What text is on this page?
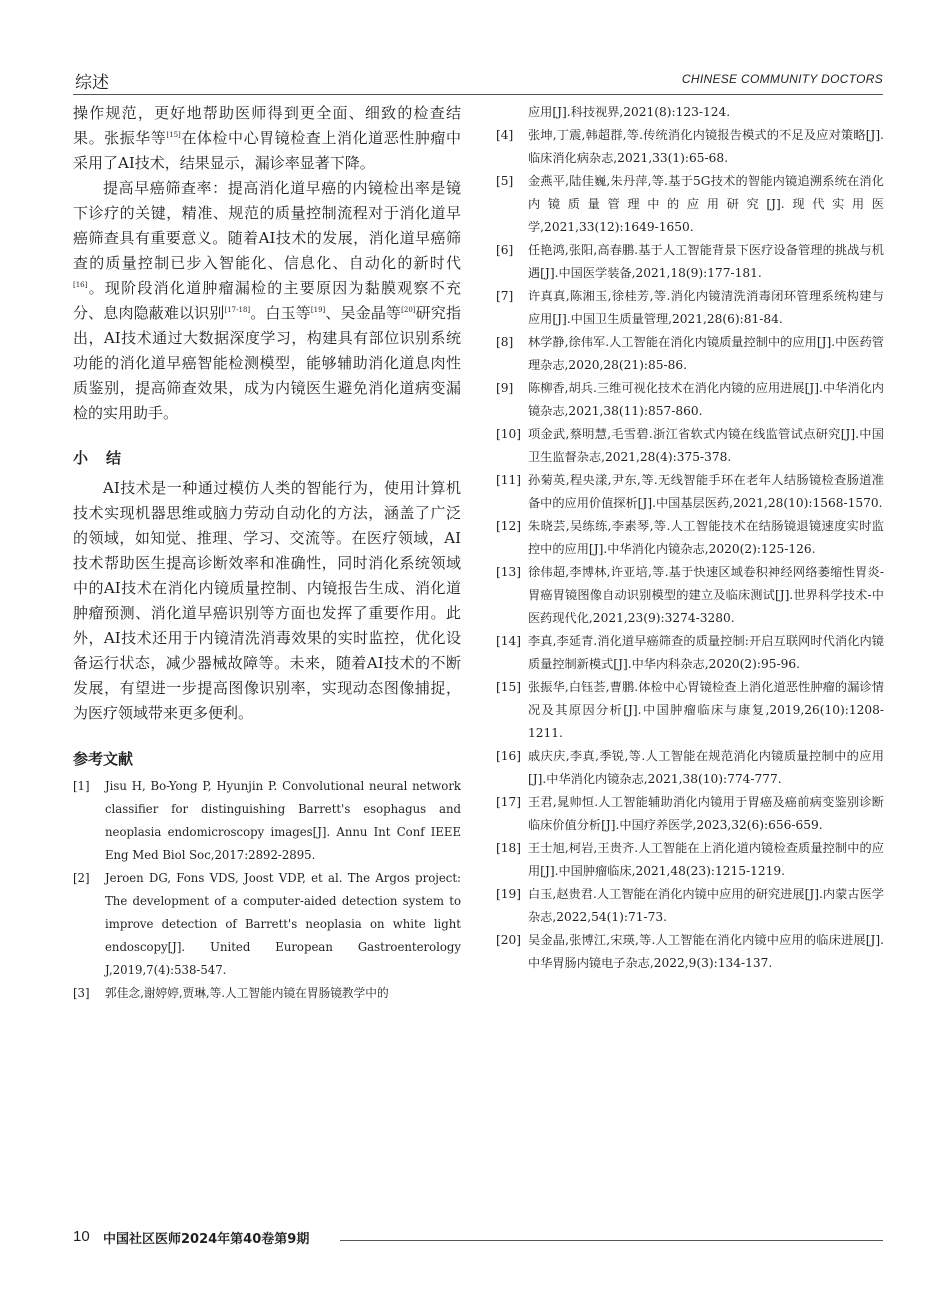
综述	CHINESE COMMUNITY DOCTORS

操作规范，更好地帮助医师得到更全面、细致的检查结果。张振华等[15]在体检中心胃镜检查上消化道恶性肿瘤中采用了AI技术，结果显示，漏诊率显著下降。

提高早癌筛查率：提高消化道早癌的内镜检出率是镜下诊疗的关键，精准、规范的质量控制流程对于消化道早癌筛查具有重要意义。随着AI技术的发展，消化道早癌筛查的质量控制已步入智能化、信息化、自动化的新时代[16]。现阶段消化道肿瘤漏检的主要原因为黏膜观察不充分、息肉隐蔽难以识别[17-18]。白玉等[19]、吴金晶等[20]研究指出，AI技术通过大数据深度学习，构建具有部位识别系统功能的消化道早癌智能检测模型，能够辅助消化道息肉性质鉴别，提高筛查效果，成为内镜医生避免消化道病变漏检的实用助手。

小结

AI技术是一种通过模仿人类的智能行为，使用计算机技术实现机器思维或脑力劳动自动化的方法，涵盖了广泛的领域，如知觉、推理、学习、交流等。在医疗领域，AI技术帮助医生提高诊断效率和准确性，同时消化系统领域中的AI技术在消化内镜质量控制、内镜报告生成、消化道肿瘤预测、消化道早癌识别等方面也发挥了重要作用。此外，AI技术还用于内镜清洗消毒效果的实时监控，优化设备运行状态，减少器械故障等。未来，随着AI技术的不断发展，有望进一步提高图像识别率，实现动态图像捕捉，为医疗领域带来更多便利。

参考文献
[1] Jisu H, Bo-Yong P, Hyunjin P. Convolutional neural network classifier for distinguishing Barrett's esophagus and neoplasia endomicroscopy images[J]. Annu Int Conf IEEE Eng Med Biol Soc,2017:2892-2895.
[2] Jeroen DG, Fons VDS, Joost VDP, et al. The Argos project: The development of a computer-aided detection system to improve detection of Barrett's neoplasia on white light endoscopy[J]. United European Gastroenterology J,2019,7(4):538-547.
[3] 郭佳念,谢婷婷,贾琳,等.人工智能内镜在胃肠镜教学中的
应用[J].科技视界,2021(8):123-124.
[4] 张坤,丁震,韩超群,等.传统消化内镜报告模式的不足及应对策略[J].临床消化病杂志,2021,33(1):65-68.
[5] 金燕平,陆佳巍,朱丹萍,等.基于5G技术的智能内镜追溯系统在消化内镜质量管理中的应用研究[J].现代实用医学,2021,33(12):1649-1650.
[6] 任艳鸿,张阳,高春鹏.基于人工智能背景下医疗设备管理的挑战与机遇[J].中国医学装备,2021,18(9):177-181.
[7] 许真真,陈湘玉,徐桂芳,等.消化内镜清洗消毒闭环管理系统构建与应用[J].中国卫生质量管理,2021,28(6):81-84.
[8] 林学静,徐伟军.人工智能在消化内镜质量控制中的应用[J].中医药管理杂志,2020,28(21):85-86.
[9] 陈柳香,胡兵.三维可视化技术在消化内镜的应用进展[J].中华消化内镜杂志,2021,38(11):857-860.
[10] 项金武,蔡明慧,毛雪碧.浙江省软式内镜在线监管试点研究[J].中国卫生监督杂志,2021,28(4):375-378.
[11] 孙菊英,程央漾,尹东,等.无线智能手环在老年人结肠镜检查肠道准备中的应用价值探析[J].中国基层医药,2021,28(10):1568-1570.
[12] 朱晓芸,吴练练,李素琴,等.人工智能技术在结肠镜退镜速度实时监控中的应用[J].中华消化内镜杂志,2020(2):125-126.
[13] 徐伟超,李博林,许亚培,等.基于快速区域卷积神经网络萎缩性胃炎-胃癌胃镜图像自动识别模型的建立及临床测试[J].世界科学技术-中医药现代化,2021,23(9):3274-3280.
[14] 李真,李延青.消化道早癌筛查的质量控制:开启互联网时代消化内镜质量控制新模式[J].中华内科杂志,2020(2):95-96.
[15] 张振华,白钰荟,曹鹏.体检中心胃镜检查上消化道恶性肿瘤的漏诊情况及其原因分析[J].中国肿瘤临床与康复,2019,26(10):1208-1211.
[16] 戚庆庆,李真,季锐,等.人工智能在规范消化内镜质量控制中的应用[J].中华消化内镜杂志,2021,38(10):774-777.
[17] 王君,晁帅恒.人工智能辅助消化内镜用于胃癌及癌前病变鉴别诊断临床价值分析[J].中国疗养医学,2023,32(6):656-659.
[18] 王士旭,柯岩,王贵齐.人工智能在上消化道内镜检查质量控制中的应用[J].中国肿瘤临床,2021,48(23):1215-1219.
[19] 白玉,赵贵君.人工智能在消化内镜中应用的研究进展[J].内蒙古医学杂志,2022,54(1):71-73.
[20] 吴金晶,张博江,宋瑛,等.人工智能在消化内镜中应用的临床进展[J].中华胃肠内镜电子杂志,2022,9(3):134-137.
10 中国社区医师2024年第40卷第9期
